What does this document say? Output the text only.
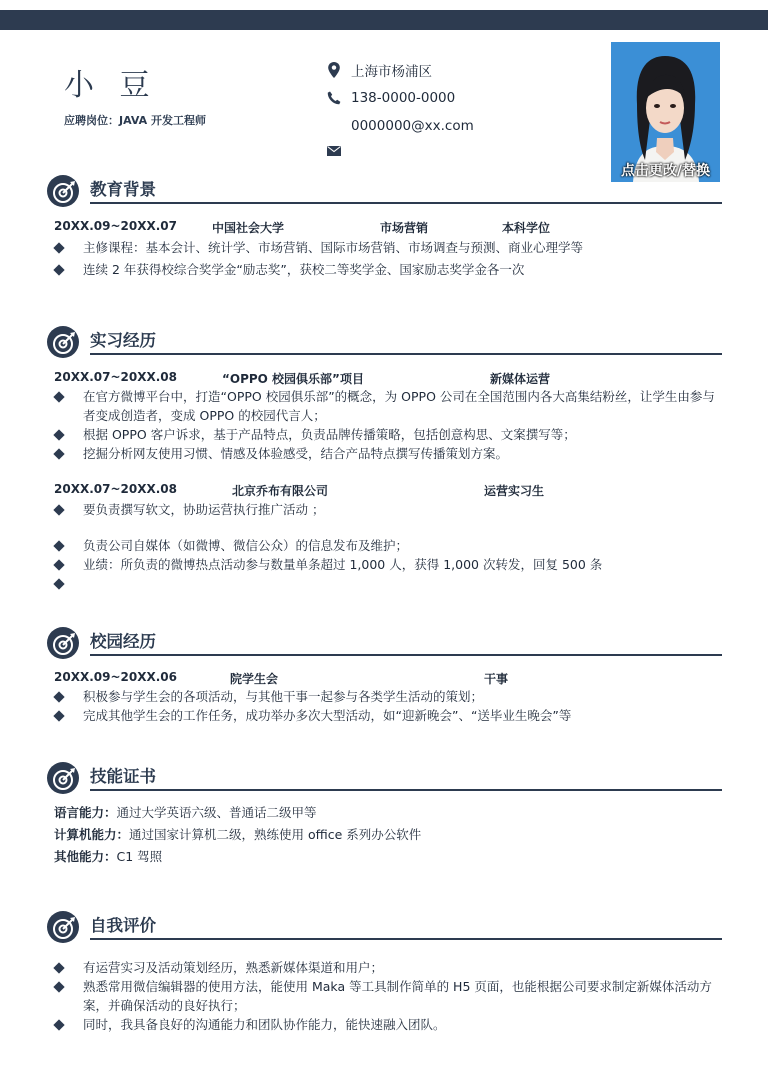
小 豆
应聘岗位：JAVA 开发工程师
上海市杨浦区
138-0000-0000
0000000@xx.com
点击更改/替换
教育背景
20XX.09~20XX.07	中国社会大学	市场营销	本科学位
主修课程：基本会计、统计学、市场营销、国际市场营销、市场调查与预测、商业心理学等
连续 2 年获得校综合奖学金“励志奖”，获校二等奖学金、国家励志奖学金各一次
实习经历
20XX.07~20XX.08	“OPPO 校园俱乐部”项目	新媒体运营
在官方微博平台中，打造“OPPO 校园俱乐部”的概念，为 OPPO 公司在全国范围内各大高集结粉丝，让学生由参与者变成创造者，变成 OPPO 的校园代言人；
根据 OPPO 客户诉求，基于产品特点，负责品牌传播策略，包括创意构思、文案撰写等；
挖掘分析网友使用习惯、情感及体验感受，结合产品特点撰写传播策划方案。
20XX.07~20XX.08	北京乔布有限公司	运营实习生
要负责撰写软文，协助运营执行推广活动 ；
负责公司自媒体（如微博、微信公众）的信息发布及维护；
业绩：所负责的微博热点活动参与数量单条超过 1,000 人，获得 1,000 次转发，回复 500 条
校园经历
20XX.09~20XX.06	院学生会	干事
积极参与学生会的各项活动，与其他干事一起参与各类学生活动的策划；
完成其他学生会的工作任务，成功举办多次大型活动，如“迎新晚会”、“送毕业生晚会”等
技能证书
语言能力：通过大学英语六级、普通话二级甲等
计算机能力：通过国家计算机二级，熟练使用 office 系列办公软件
其他能力：C1 驾照
自我评价
有运营实习及活动策划经历，熟悉新媒体渠道和用户；
熟悉常用微信编辑器的使用方法，能使用 Maka 等工具制作简单的 H5 页面，也能根据公司要求制定新媒体活动方案，并确保活动的良好执行；
同时，我具备良好的沟通能力和团队协作能力，能快速融入团队。
